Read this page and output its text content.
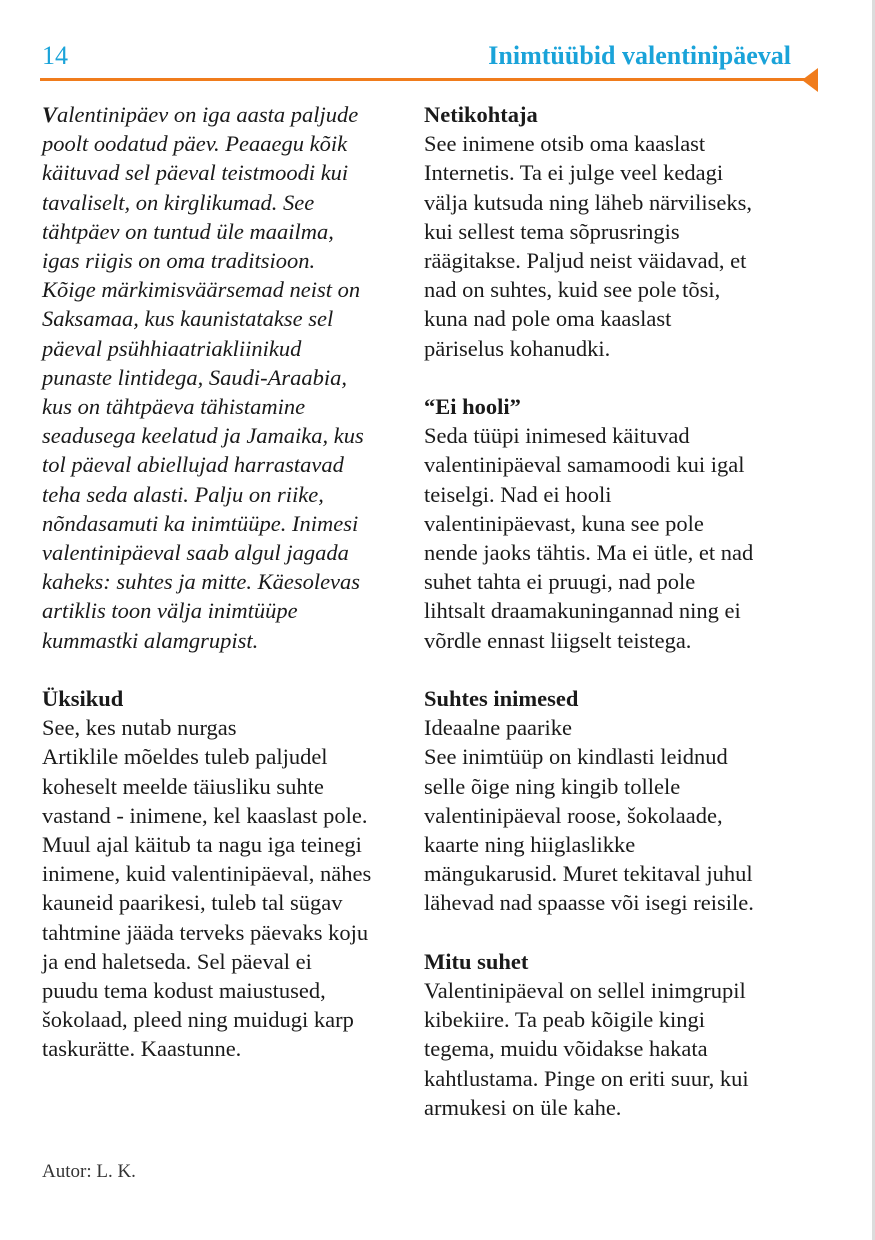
14	Inimtüübid valentinipäeval
Valentinipäev on iga aasta paljude
poolt oodatud päev. Peaaegu kõik
käituvad sel päeval teistmoodi kui
tavaliselt, on kirglikumad. See
tähtpäev on tuntud üle maailma,
igas riigis on oma traditsioon.
Kõige märkimisväärsemad neist on
Saksamaa, kus kaunistatakse sel
päeval psühhiaatriakliinikud
punaste lintidega, Saudi-Araabia,
kus on tähtpäeva tähistamine
seadusega keelatud ja Jamaika, kus
tol päeval abiellujad harrastavad
teha seda alasti. Palju on riike,
nõndasamuti ka inimtüüpe. Inimesi
valentinipäeval saab algul jagada
kaheks: suhtes ja mitte. Käesolevas
artiklis toon välja inimtüüpe
kummastki alamgrupist.
Üksikud
See, kes nutab nurgas
Artiklile mõeldes tuleb paljudel
koheselt meelde täiusliku suhte
vastand - inimene, kel kaaslast pole.
Muul ajal käitub ta nagu iga teinegi
inimene, kuid valentinipäeval, nähes
kauneid paarikesi, tuleb tal sügav
tahtmine jääda terveks päevaks koju
ja end haletseda. Sel päeval ei
puudu tema kodust maiustused,
šokolaad, pleed ning muidugi karp
taskurätte. Kaastunne.
Netikohtaja
See inimene otsib oma kaaslast
Internetis. Ta ei julge veel kedagi
välja kutsuda ning läheb närviliseks,
kui sellest tema sõprusringis
räägitakse. Paljud neist väidavad, et
nad on suhtes, kuid see pole tõsi,
kuna nad pole oma kaaslast
päriselus kohanudki.
“Ei hooli”
Seda tüüpi inimesed käituvad
valentinipäeval samamoodi kui igal
teiselgi. Nad ei hooli
valentinipäevast, kuna see pole
nende jaoks tähtis. Ma ei ütle, et nad
suhet tahta ei pruugi, nad pole
lihtsalt draamakuningannad ning ei
võrdle ennast liigselt teistega.
Suhtes inimesed
Ideaalne paarike
See inimtüüp on kindlasti leidnud
selle õige ning kingib tollele
valentinipäeval roose, šokolaade,
kaarte ning hiiglaslikke
mängukarusid. Muret tekitaval juhul
lähevad nad spaasse või isegi reisile.
Mitu suhet
Valentinipäeval on sellel inimgrupil
kibekiire. Ta peab kõigile kingi
tegema, muidu võidakse hakata
kahtlustama. Pinge on eriti suur, kui
armukesi on üle kahe.
Autor: L. K.
